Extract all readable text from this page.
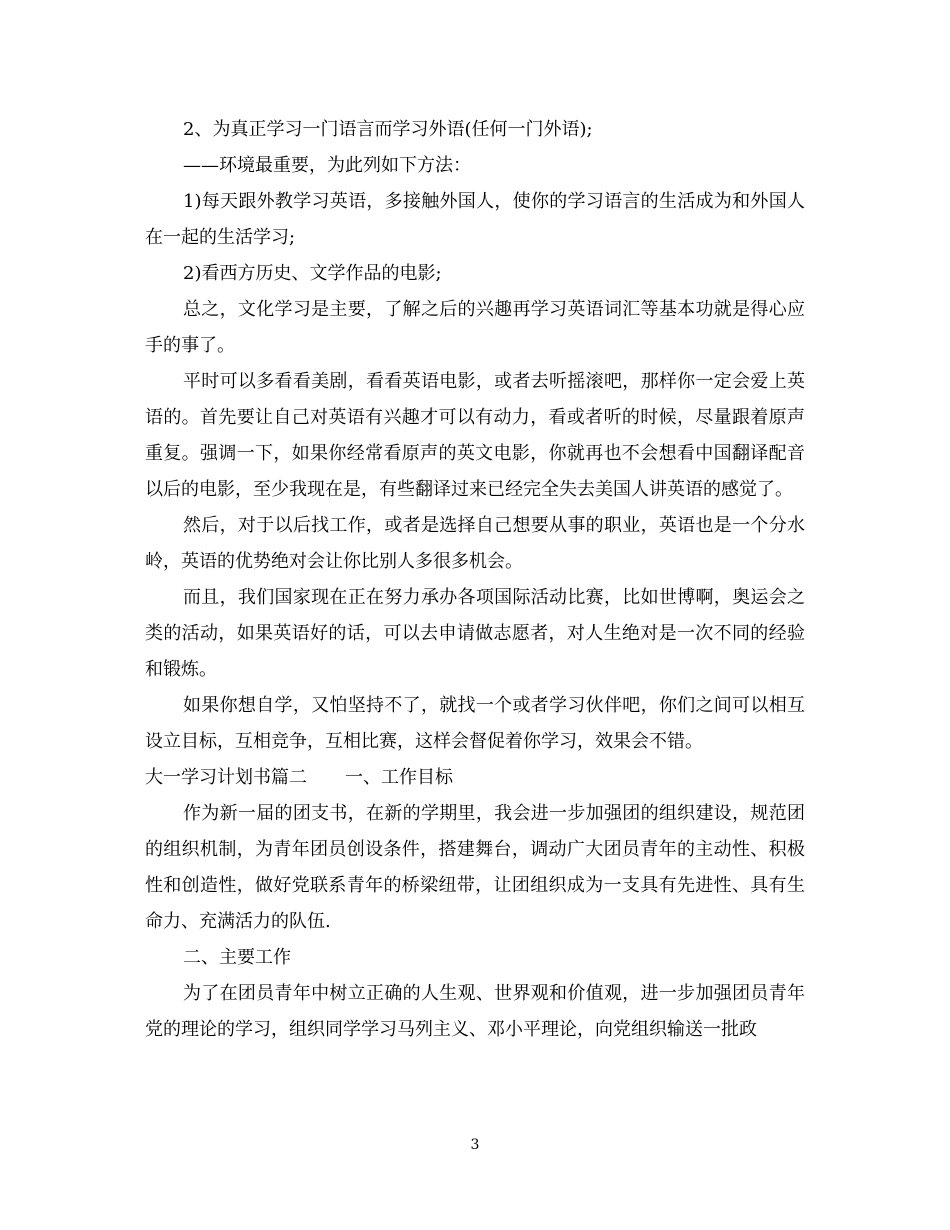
2、为真正学习一门语言而学习外语(任何一门外语);

——环境最重要，为此列如下方法：

1)每天跟外教学习英语，多接触外国人，使你的学习语言的生活成为和外国人在一起的生活学习;

2)看西方历史、文学作品的电影;

总之，文化学习是主要，了解之后的兴趣再学习英语词汇等基本功就是得心应手的事了。

平时可以多看看美剧，看看英语电影，或者去听摇滚吧，那样你一定会爱上英语的。首先要让自己对英语有兴趣才可以有动力，看或者听的时候，尽量跟着原声重复。强调一下，如果你经常看原声的英文电影，你就再也不会想看中国翻译配音以后的电影，至少我现在是，有些翻译过来已经完全失去美国人讲英语的感觉了。

然后，对于以后找工作，或者是选择自己想要从事的职业，英语也是一个分水岭，英语的优势绝对会让你比别人多很多机会。

而且，我们国家现在正在努力承办各项国际活动比赛，比如世博啊，奥运会之类的活动，如果英语好的话，可以去申请做志愿者，对人生绝对是一次不同的经验和锻炼。

如果你想自学，又怕坚持不了，就找一个或者学习伙伴吧，你们之间可以相互设立目标，互相竞争，互相比赛，这样会督促着你学习，效果会不错。

大一学习计划书篇二 一、工作目标

作为新一届的团支书，在新的学期里，我会进一步加强团的组织建设，规范团的组织机制，为青年团员创设条件，搭建舞台，调动广大团员青年的主动性、积极性和创造性，做好党联系青年的桥梁纽带，让团组织成为一支具有先进性、具有生命力、充满活力的队伍.

二、主要工作

为了在团员青年中树立正确的人生观、世界观和价值观，进一步加强团员青年党的理论的学习，组织同学学习马列主义、邓小平理论，向党组织输送一批政

3
